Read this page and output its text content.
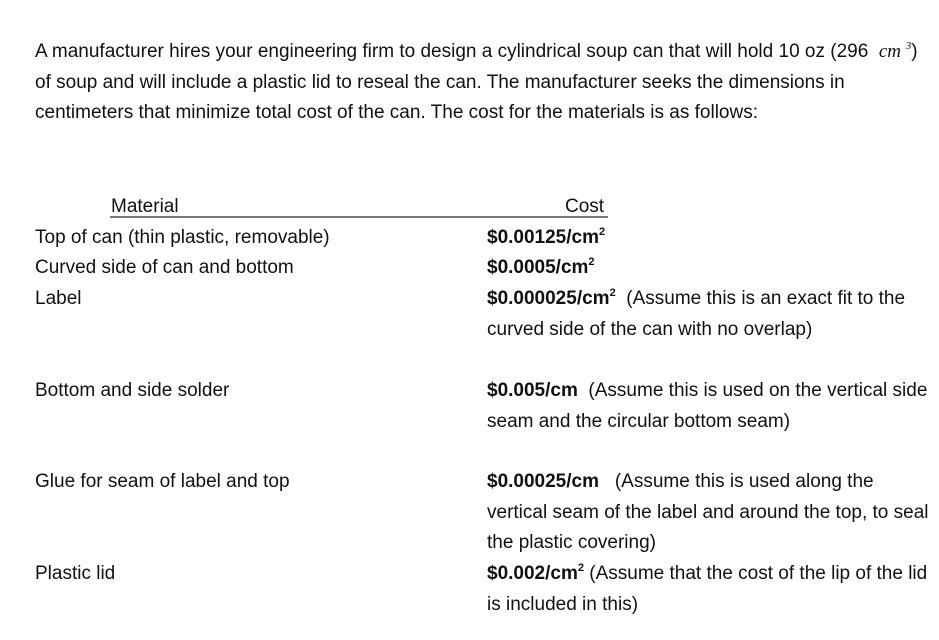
A manufacturer hires your engineering firm to design a cylindrical soup can that will hold 10 oz (296 cm $^3$) of soup and will include a plastic lid to reseal the can. The manufacturer seeks the dimensions in centimeters that minimize total cost of the can. The cost for the materials is as follows:

Material	Cost
Top of can (thin plastic, removable)	$\$0.00125/cm^2$
Curved side of can and bottom	$\$0.0005/cm^2$
Label	$\$0.000025/cm^2$ (Assume this is an exact fit to the curved side of the can with no overlap)
Bottom and side solder	$0.005/cm (Assume this is used on the vertical side seam and the circular bottom seam)
Glue for seam of label and top	$0.00025/cm (Assume this is used along the vertical seam of the label and around the top, to seal the plastic covering)
Plastic lid	$\$0.002/cm^2$ (Assume that the cost of the lip of the lid is included in this)
